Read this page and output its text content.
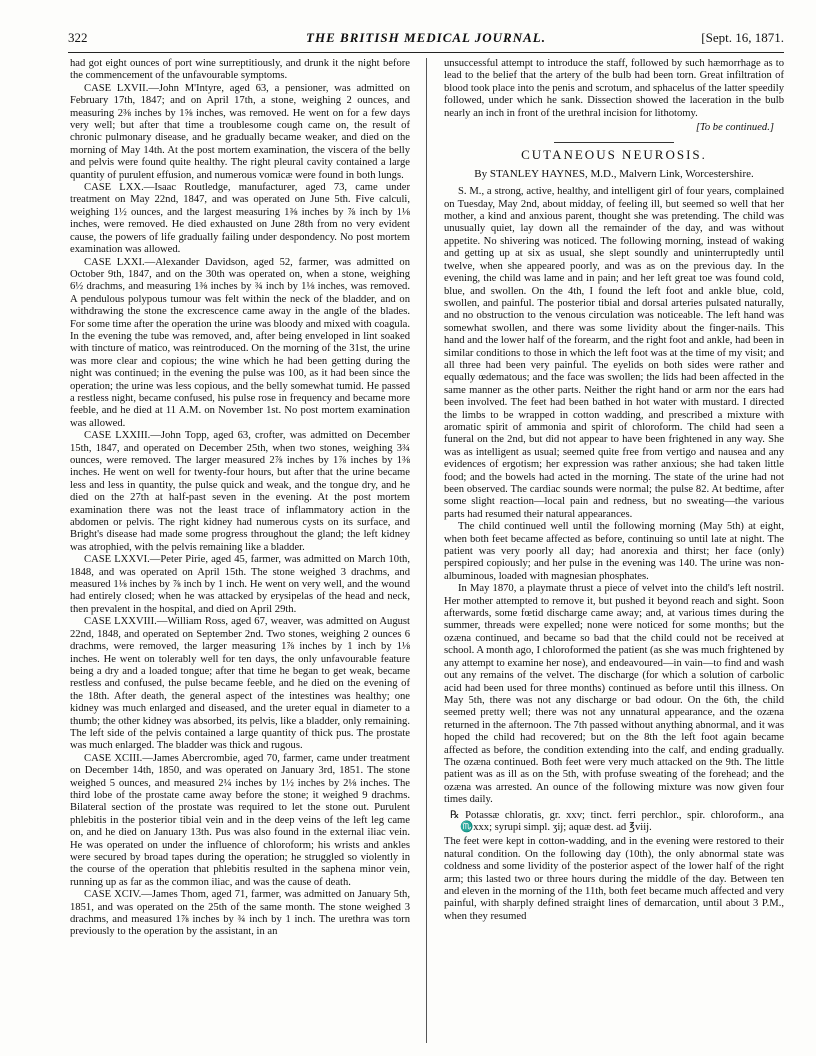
322	THE BRITISH MEDICAL JOURNAL.	[Sept. 16, 1871.

had got eight ounces of port wine surreptitiously, and drunk it the night before the commencement of the unfavourable symptoms.

CASE LXVII.—John M'Intyre, aged 63, a pensioner, was admitted on February 17th, 1847; and on April 17th, a stone, weighing 2 ounces, and measuring 2⅜ inches by 1⅝ inches, was removed. He went on for a few days very well; but after that time a troublesome cough came on, the result of chronic pulmonary disease, and he gradually became weaker, and died on the morning of May 14th. At the post mortem examination, the viscera of the belly and pelvis were found quite healthy. The right pleural cavity contained a large quantity of purulent effusion, and numerous vomicæ were found in both lungs.

CASE LXX.—Isaac Routledge, manufacturer, aged 73, came under treatment on May 22nd, 1847, and was operated on June 5th. Five calculi, weighing 1½ ounces, and the largest measuring 1⅜ inches by ⅞ inch by 1⅛ inches, were removed. He died exhausted on June 28th from no very evident cause, the powers of life gradually failing under despondency. No post mortem examination was allowed.

CASE LXXI.—Alexander Davidson, aged 52, farmer, was admitted on October 9th, 1847, and on the 30th was operated on, when a stone, weighing 6½ drachms, and measuring 1⅜ inches by ¾ inch by 1⅛ inches, was removed. A pendulous polypous tumour was felt within the neck of the bladder, and on withdrawing the stone the excrescence came away in the angle of the blades. For some time after the operation the urine was bloody and mixed with coagula. In the evening the tube was removed, and, after being enveloped in lint soaked with tincture of matico, was reintroduced. On the morning of the 31st, the urine was more clear and copious; the wine which he had been getting during the night was continued; in the evening the pulse was 100, as it had been since the operation; the urine was less copious, and the belly somewhat tumid. He passed a restless night, became confused, his pulse rose in frequency and became more feeble, and he died at 11 A.M. on November 1st. No post mortem examination was allowed.

CASE LXXIII.—John Topp, aged 63, crofter, was admitted on December 15th, 1847, and operated on December 25th, when two stones, weighing 3¾ ounces, were removed. The larger measured 2⅞ inches by 1⅞ inches by 1⅜ inches. He went on well for twenty-four hours, but after that the urine became less and less in quantity, the pulse quick and weak, and the tongue dry, and he died on the 27th at half-past seven in the evening. At the post mortem examination there was not the least trace of inflammatory action in the abdomen or pelvis. The right kidney had numerous cysts on its surface, and Bright's disease had made some progress throughout the gland; the left kidney was atrophied, with the pelvis remaining like a bladder.

CASE LXXVI.—Peter Pirie, aged 45, farmer, was admitted on March 10th, 1848, and was operated on April 15th. The stone weighed 3 drachms, and measured 1⅛ inches by ⅞ inch by 1 inch. He went on very well, and the wound had entirely closed; when he was attacked by erysipelas of the head and neck, then prevalent in the hospital, and died on April 29th.

CASE LXXVIII.—William Ross, aged 67, weaver, was admitted on August 22nd, 1848, and operated on September 2nd. Two stones, weighing 2 ounces 6 drachms, were removed, the larger measuring 1⅞ inches by 1 inch by 1⅛ inches. He went on tolerably well for ten days, the only unfavourable feature being a dry and a loaded tongue; after that time he began to get weak, became restless and confused, the pulse became feeble, and he died on the evening of the 18th. After death, the general aspect of the intestines was healthy; one kidney was much enlarged and diseased, and the ureter equal in diameter to a thumb; the other kidney was absorbed, its pelvis, like a bladder, only remaining. The left side of the pelvis contained a large quantity of thick pus. The prostate was much enlarged. The bladder was thick and rugous.

CASE XCIII.—James Abercrombie, aged 70, farmer, came under treatment on December 14th, 1850, and was operated on January 3rd, 1851. The stone weighed 5 ounces, and measured 2¼ inches by 1½ inches by 2⅛ inches. The third lobe of the prostate came away before the stone; it weighed 9 drachms. Bilateral section of the prostate was required to let the stone out. Purulent phlebitis in the posterior tibial vein and in the deep veins of the left leg came on, and he died on January 13th. Pus was also found in the external iliac vein. He was operated on under the influence of chloroform; his wrists and ankles were secured by broad tapes during the operation; he struggled so violently in the course of the operation that phlebitis resulted in the saphena minor vein, running up as far as the common iliac, and was the cause of death.

CASE XCIV.—James Thom, aged 71, farmer, was admitted on January 5th, 1851, and was operated on the 25th of the same month. The stone weighed 3 drachms, and measured 1⅞ inches by ¾ inch by 1 inch. The urethra was torn previously to the operation by the assistant, in an

unsuccessful attempt to introduce the staff, followed by such hæmorrhage as to lead to the belief that the artery of the bulb had been torn. Great infiltration of blood took place into the penis and scrotum, and sphacelus of the latter speedily followed, under which he sank. Dissection showed the laceration in the bulb nearly an inch in front of the urethral incision for lithotomy.

[To be continued.]
CUTANEOUS NEUROSIS.
By STANLEY HAYNES, M.D., Malvern Link, Worcestershire.

S. M., a strong, active, healthy, and intelligent girl of four years, complained on Tuesday, May 2nd, about midday, of feeling ill, but seemed so well that her mother, a kind and anxious parent, thought she was pretending. The child was unusually quiet, lay down all the remainder of the day, and was without appetite. No shivering was noticed. The following morning, instead of waking and getting up at six as usual, she slept soundly and uninterruptedly until twelve, when she appeared poorly, and was as on the previous day. In the evening, the child was lame and in pain; and her left great toe was found cold, blue, and swollen. On the 4th, I found the left foot and ankle blue, cold, swollen, and painful. The posterior tibial and dorsal arteries pulsated naturally, and no obstruction to the venous circulation was noticeable. The left hand was somewhat swollen, and there was some lividity about the finger-nails. This hand and the lower half of the forearm, and the right foot and ankle, had been in similar conditions to those in which the left foot was at the time of my visit; and all three had been very painful. The eyelids on both sides were rather and equally œdematous; and the face was swollen; the lids had been affected in the same manner as the other parts. Neither the right hand or arm nor the ears had been involved. The feet had been bathed in hot water with mustard. I directed the limbs to be wrapped in cotton wadding, and prescribed a mixture with aromatic spirit of ammonia and spirit of chloroform. The child had seen a funeral on the 2nd, but did not appear to have been frightened in any way. She was as intelligent as usual; seemed quite free from vertigo and nausea and any evidences of ergotism; her expression was rather anxious; she had taken little food; and the bowels had acted in the morning. The state of the urine had not been observed. The cardiac sounds were normal; the pulse 82. At bedtime, after some slight reaction—local pain and redness, but no sweating—the various parts had resumed their natural appearances.

The child continued well until the following morning (May 5th) at eight, when both feet became affected as before, continuing so until late at night. The patient was very poorly all day; had anorexia and thirst; her face (only) perspired copiously; and her pulse in the evening was 140. The urine was non-albuminous, loaded with magnesian phosphates.

In May 1870, a playmate thrust a piece of velvet into the child's left nostril. Her mother attempted to remove it, but pushed it beyond reach and sight. Soon afterwards, some fœtid discharge came away; and, at various times during the summer, threads were expelled; none were noticed for some months; but the ozæna continued, and became so bad that the child could not be received at school. A month ago, I chloroformed the patient (as she was much frightened by any attempt to examine her nose), and endeavoured—in vain—to find and wash out any remains of the velvet. The discharge (for which a solution of carbolic acid had been used for three months) continued as before until this illness. On May 5th, there was not any discharge or bad odour. On the 6th, the child seemed pretty well; there was not any unnatural appearance, and the ozæna returned in the afternoon. The 7th passed without anything abnormal, and it was hoped the child had recovered; but on the 8th the left foot again became affected as before, the condition extending into the calf, and ending gradually. The ozæna continued. Both feet were very much attacked on the 9th. The little patient was as ill as on the 5th, with profuse sweating of the forehead; and the ozæna was arrested. An ounce of the following mixture was now given four times daily.

℞ Potassæ chloratis, gr. xxv; tinct. ferri perchlor., spir. chloroform., ana ♏xxx; syrupi simpl. ʒij; aquæ dest. ad ℥viij.

The feet were kept in cotton-wadding, and in the evening were restored to their natural condition. On the following day (10th), the only abnormal state was coldness and some lividity of the posterior aspect of the lower half of the right arm; this lasted two or three hours during the middle of the day. Between ten and eleven in the morning of the 11th, both feet became much affected and very painful, with sharply defined straight lines of demarcation, until about 3 P.M., when they resumed
